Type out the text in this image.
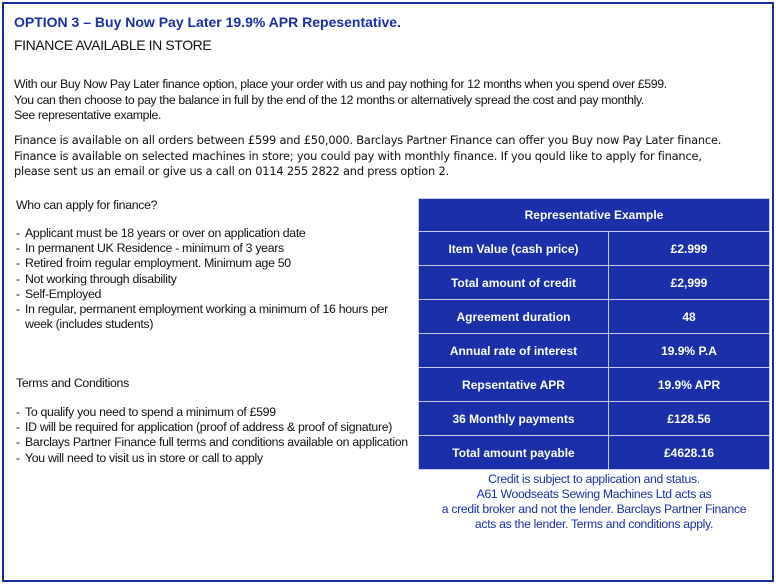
OPTION 3 – Buy Now Pay Later 19.9% APR Repesentative.
FINANCE AVAILABLE IN STORE
With our Buy Now Pay Later finance option, place your order with us and pay nothing for 12 months when you spend over £599.
You can then choose to pay the balance in full by the end of the 12 months or alternatively spread the cost and pay monthly.
See representative example.
Finance is available on all orders between £599 and £50,000. Barclays Partner Finance can offer you Buy now Pay Later finance.
Finance is available on selected machines in store; you could pay with monthly finance. If you qould like to apply for finance,
please sent us an email or give us a call on 0114 255 2822 and press option 2.
Who can apply for finance?
- Applicant must be 18 years or over on application date
- In permanent UK Residence - minimum of 3 years
- Retired froim regular employment. Minimum age 50
- Not working through disability
- Self-Employed
- In regular, permanent employment working a minimum of 16 hours per week (includes students)
Terms and Conditions
- To qualify you need to spend a minimum of £599
- ID will be required for application (proof of address & proof of signature)
- Barclays Partner Finance full terms and conditions available on application
- You will need to visit us in store or call to apply
Representative Example	
Item Value (cash price)	£2.999
Total amount of credit	£2,999
Agreement duration	48
Annual rate of interest	19.9% P.A
Repsentative APR	19.9% APR
36 Monthly payments	£128.56
Total amount payable	£4628.16
Credit is subject to application and status.
A61 Woodseats Sewing Machines Ltd acts as
a credit broker and not the lender. Barclays Partner Finance
acts as the lender. Terms and conditions apply.
